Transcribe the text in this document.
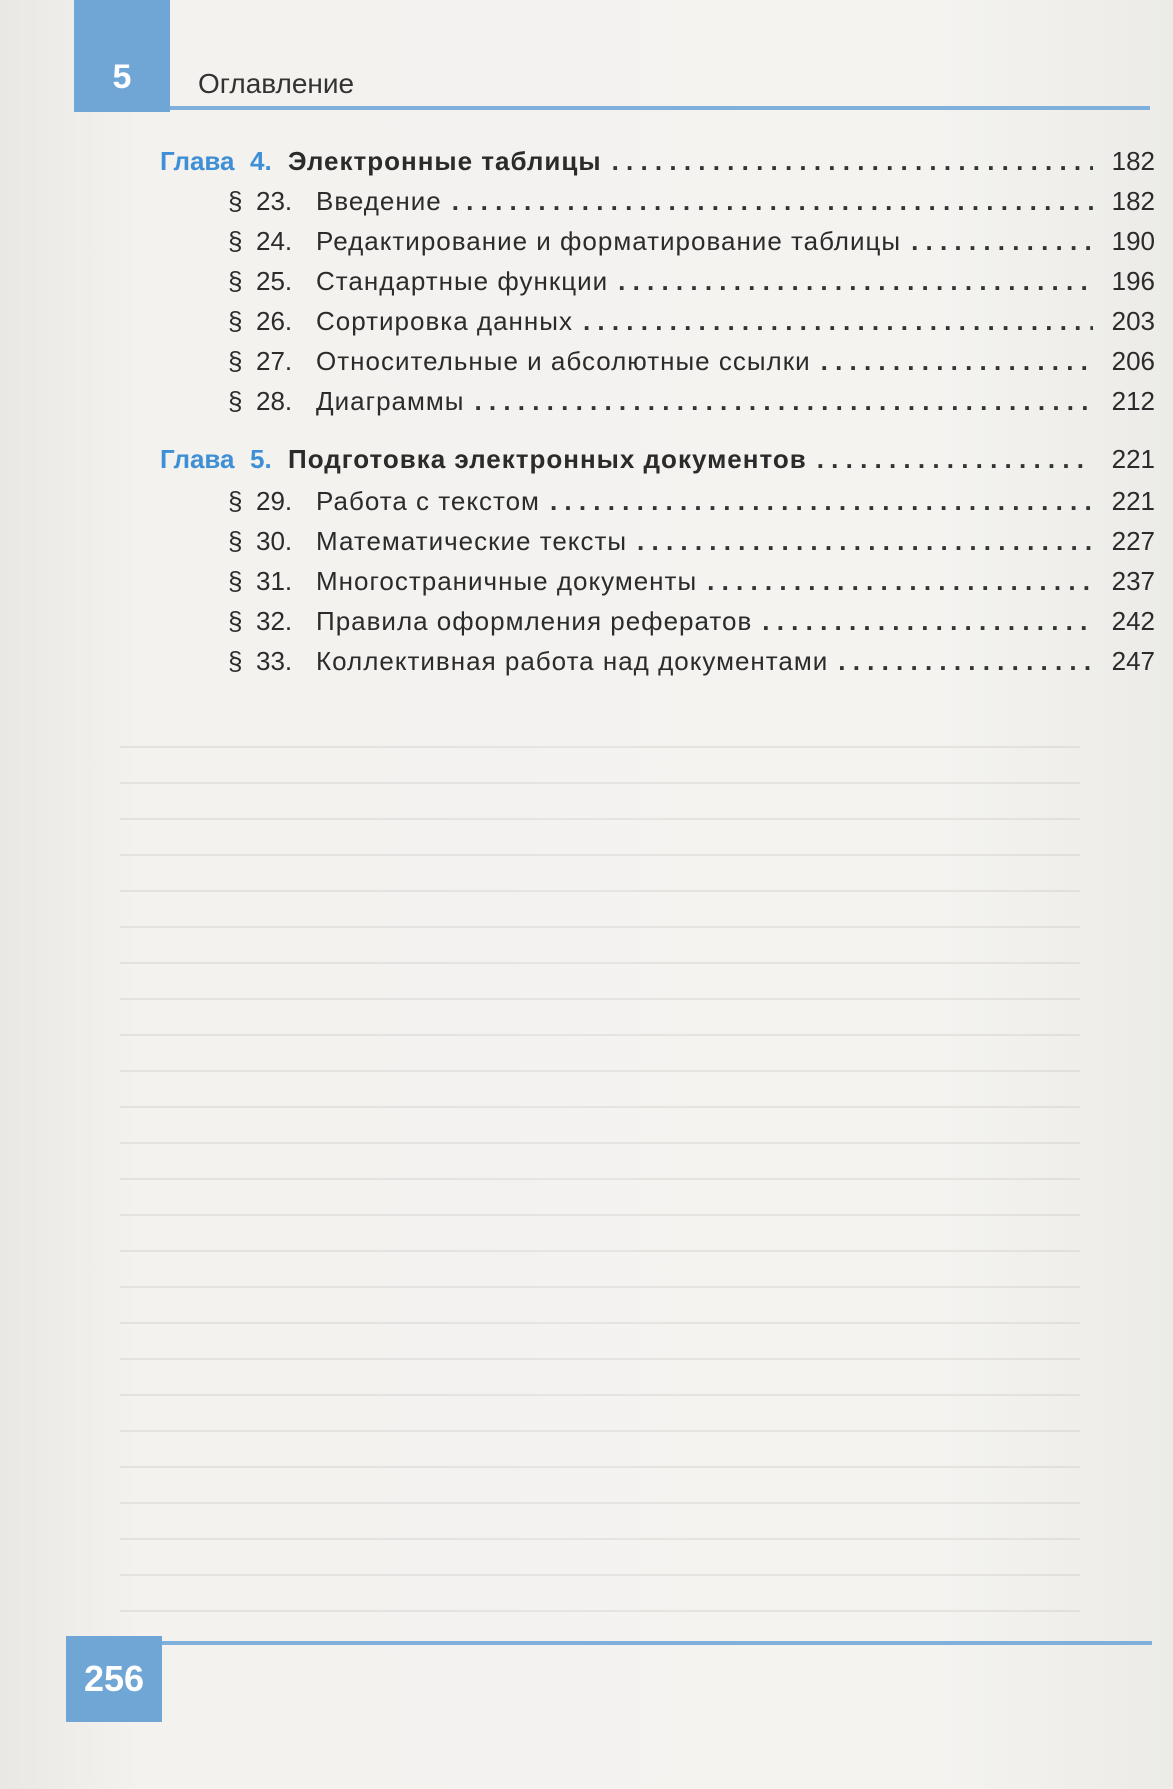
5	Оглавление
Глава 4. Электронные таблицы . . .	182
§ 23. Введение . . .	182
§ 24. Редактирование и форматирование таблицы . . .	190
§ 25. Стандартные функции . . .	196
§ 26. Сортировка данных . . .	203
§ 27. Относительные и абсолютные ссылки . . .	206
§ 28. Диаграммы . . .	212
Глава 5. Подготовка электронных документов . . .	221
§ 29. Работа с текстом . . .	221
§ 30. Математические тексты . . .	227
§ 31. Многостраничные документы . . .	237
§ 32. Правила оформления рефератов . . .	242
§ 33. Коллективная работа над документами . . .	247
256
